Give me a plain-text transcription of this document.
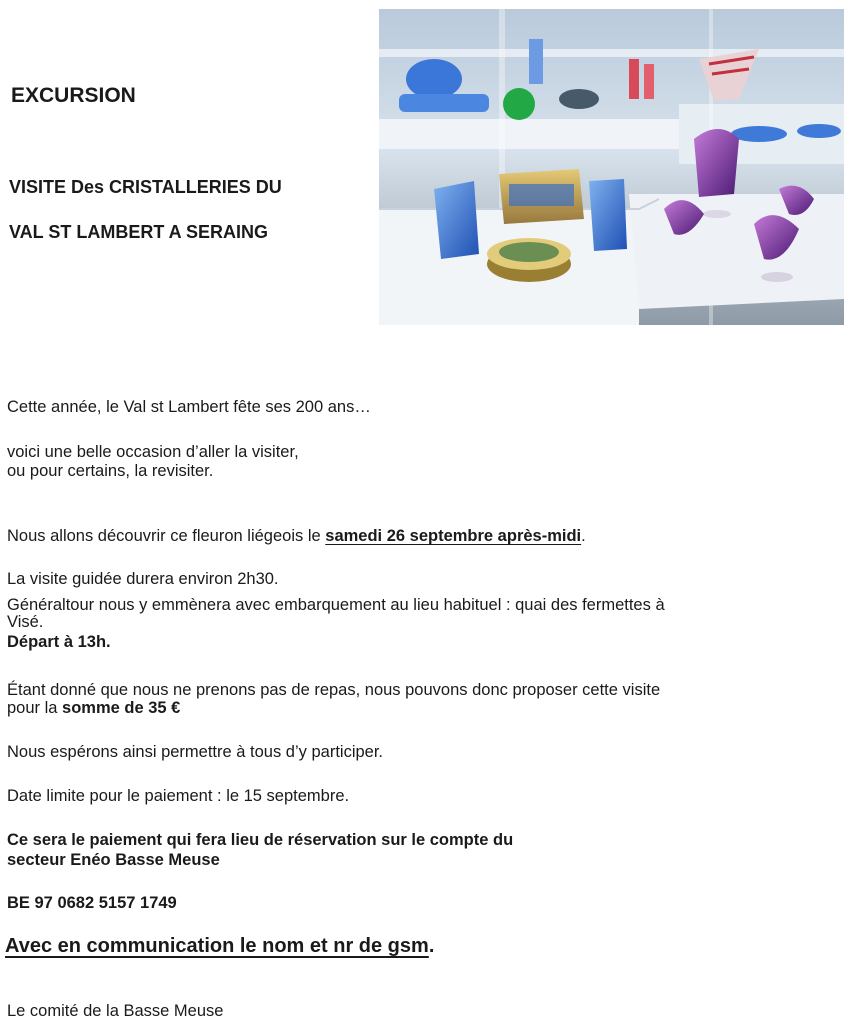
EXCURSION
VISITE Des CRISTALLERIES DU
VAL ST LAMBERT A SERAING
Cette année, le Val st Lambert fête ses 200 ans…
voici une belle occasion d’aller la visiter,
ou pour certains, la revisiter.
Nous allons découvrir ce fleuron liégeois le samedi 26 septembre après-midi.
La visite guidée durera environ 2h30.
Généraltour nous y emmènera avec embarquement au lieu habituel : quai des fermettes à
Visé.
Départ à 13h.
Étant donné que nous ne prenons pas de repas, nous pouvons donc proposer cette visite
pour la somme de 35 €
Nous espérons ainsi permettre à tous d’y participer.
Date limite pour le paiement : le 15 septembre.
Ce sera le paiement qui fera lieu de réservation sur le compte du
secteur Enéo Basse Meuse
BE 97 0682 5157 1749
Avec en communication le nom et nr de gsm.
Le comité de la Basse Meuse
